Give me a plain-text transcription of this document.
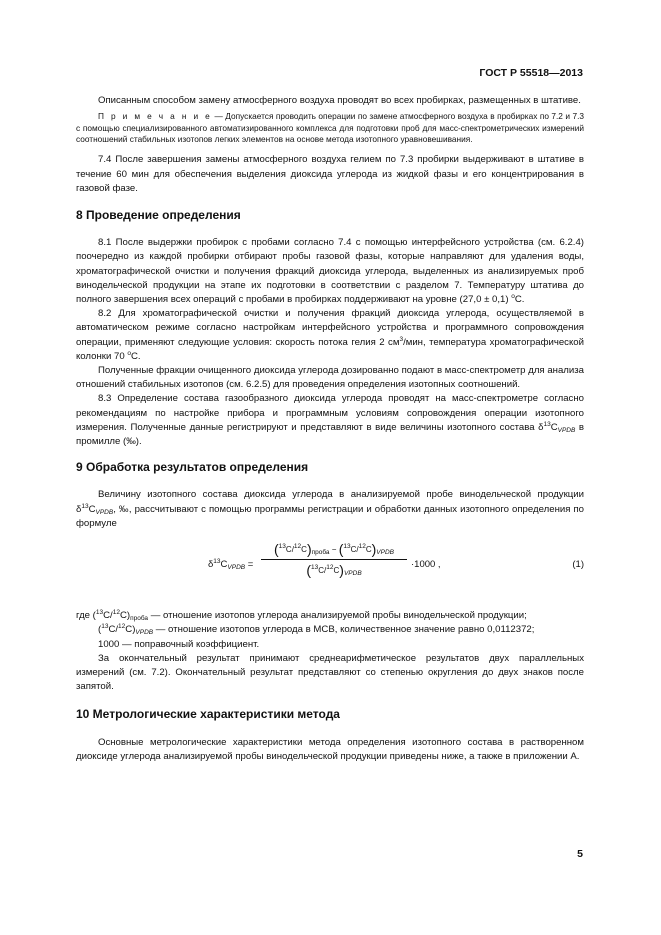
ГОСТ Р 55518—2013

Описанным способом замену атмосферного воздуха проводят во всех пробирках, размещенных в штативе.

П р и м е ч а н и е — Допускается проводить операции по замене атмосферного воздуха в пробирках по 7.2 и 7.3 с помощью специализированного автоматизированного комплекса для подготовки проб для масс-спектрометрических измерений соотношений стабильных изотопов легких элементов на основе метода изотопного уравновешивания.

7.4 После завершения замены атмосферного воздуха гелием по 7.3 пробирки выдерживают в штативе в течение 60 мин для обеспечения выделения диоксида углерода из жидкой фазы и его концентрирования в газовой фазе.

8 Проведение определения

8.1 После выдержки пробирок с пробами согласно 7.4 с помощью интерфейсного устройства (см. 6.2.4) поочередно из каждой пробирки отбирают пробы газовой фазы, которые направляют для удаления воды, хроматографической очистки и получения фракций диоксида углерода, выделенных из анализируемых проб винодельческой продукции на этапе их подготовки в соответствии с разделом 7. Температуру штатива до полного завершения всех операций с пробами в пробирках поддерживают на уровне (27,0 ± 0,1) $^o$C.

8.2 Для хроматографической очистки и получения фракций диоксида углерода, осуществляемой в автоматическом режиме согласно настройкам интерфейсного устройства и программного сопровождения операции, применяют следующие условия: скорость потока гелия 2 $см^3$/мин, температура хроматографической колонки 70 $^o$C.

Полученные фракции очищенного диоксида углерода дозированно подают в масс-спектрометр для анализа отношений стабильных изотопов (см. 6.2.5) для проведения определения изотопных соотношений.

8.3 Определение состава газообразного диоксида углерода проводят на масс-спектрометре согласно рекомендациям по настройке прибора и программным условиям сопровождения операции изотопного измерения. Полученные данные регистрируют и представляют в виде величины изотопного состава $\delta^{13}C_{VPDB}$ в промилле (‰).

9 Обработка результатов определения

Величину изотопного состава диоксида углерода в анализируемой пробе винодельческой продукции $\delta^{13}C_{VPDB}$, ‰, рассчитывают с помощью программы регистрации и обработки данных изотопного определения по формуле

$\delta^{13}C_{VPDB}$ =
$(^{13}C/^{12}C)_{проба} - (^{13}C/^{12}C)_{VPDB}$
$(^{13}C/^{12}C)_{VPDB}$
·1000 ,	(1)

где $(^{13}C/^{12}C)_{проба}$ — отношение изотопов углерода анализируемой пробы винодельческой продукции;

$(^{13}C/^{12}C)_{VPDB}$ — отношение изотопов углерода в МСВ, количественное значение равно 0,0112372;

1000 — поправочный коэффициент.

За окончательный результат принимают среднеарифметическое результатов двух параллельных измерений (см. 7.2). Окончательный результат представляют со степенью округления до двух знаков после запятой.

10 Метрологические характеристики метода

Основные метрологические характеристики метода определения изотопного состава в растворенном диоксиде углерода анализируемой пробы винодельческой продукции приведены ниже, а также в приложении А.

5
